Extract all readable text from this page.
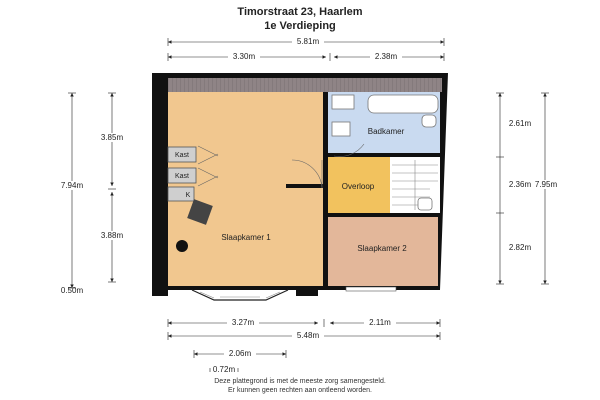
Timorstraat 23, Haarlem
1e Verdieping
5.81m
3.30m	2.38m
7.94m
3.85m
3.88m
0.50m
2.61m
2.36m
2.82m
7.95m
Slaapkamer 1
Slaapkamer 2
Badkamer
Overloop
Kast
Kast
K
3.27m	2.11m
5.48m
2.06m
0.72m
Deze plattegrond is met de meeste zorg samengesteld.
Er kunnen geen rechten aan ontleend worden.
